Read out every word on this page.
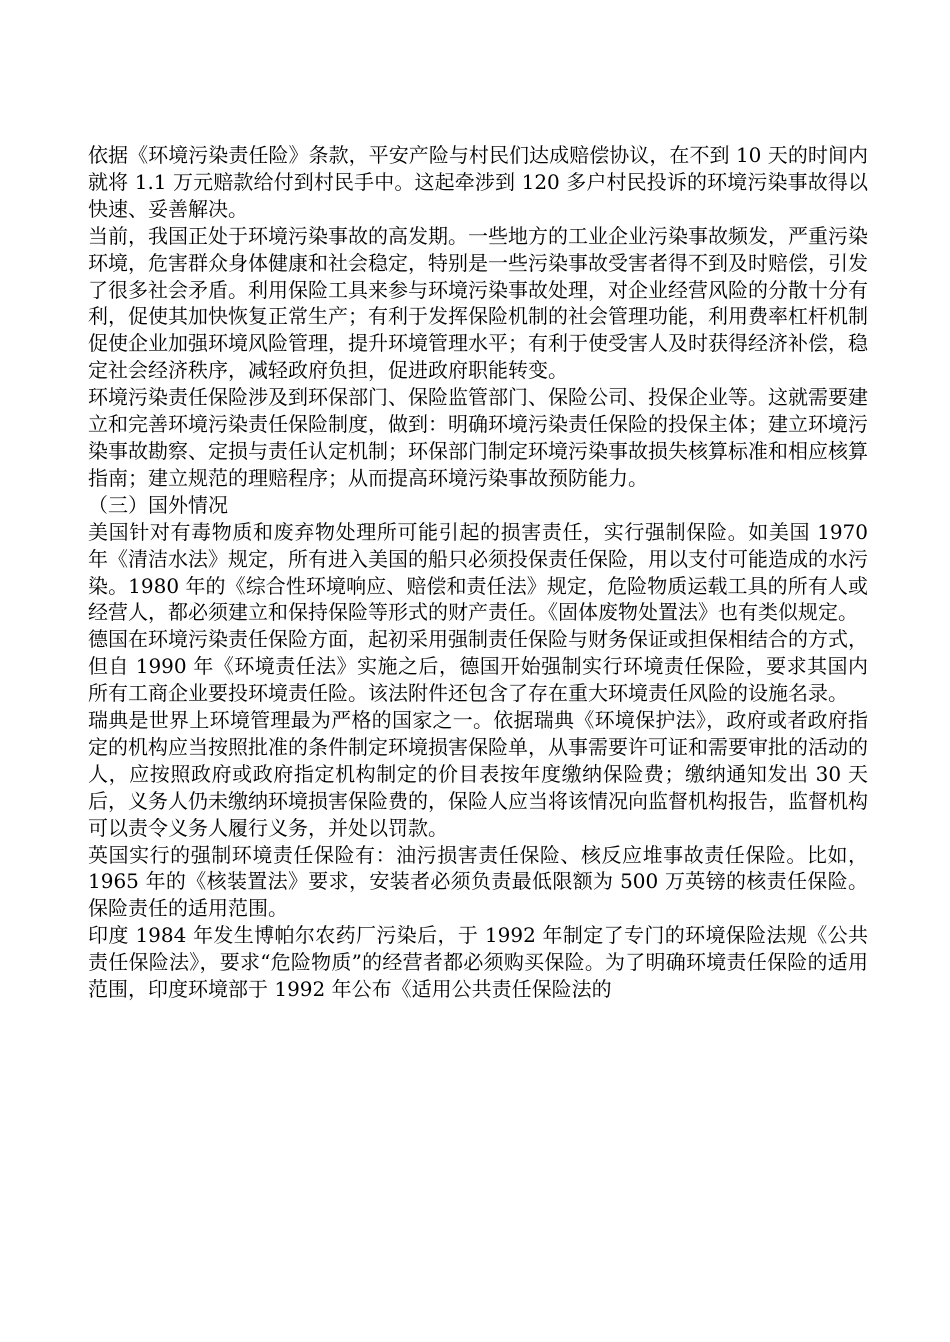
依据《环境污染责任险》条款，平安产险与村民们达成赔偿协议，在不到 10 天的时间内就将 1.1 万元赔款给付到村民手中。这起牵涉到 120 多户村民投诉的环境污染事故得以快速、妥善解决。

当前，我国正处于环境污染事故的高发期。一些地方的工业企业污染事故频发，严重污染环境，危害群众身体健康和社会稳定，特别是一些污染事故受害者得不到及时赔偿，引发了很多社会矛盾。利用保险工具来参与环境污染事故处理，对企业经营风险的分散十分有利，促使其加快恢复正常生产；有利于发挥保险机制的社会管理功能，利用费率杠杆机制促使企业加强环境风险管理，提升环境管理水平；有利于使受害人及时获得经济补偿，稳定社会经济秩序，减轻政府负担，促进政府职能转变。

环境污染责任保险涉及到环保部门、保险监管部门、保险公司、投保企业等。这就需要建立和完善环境污染责任保险制度，做到：明确环境污染责任保险的投保主体；建立环境污染事故勘察、定损与责任认定机制；环保部门制定环境污染事故损失核算标准和相应核算指南；建立规范的理赔程序；从而提高环境污染事故预防能力。

（三）国外情况

美国针对有毒物质和废弃物处理所可能引起的损害责任，实行强制保险。如美国 1970 年《清洁水法》规定，所有进入美国的船只必须投保责任保险，用以支付可能造成的水污染。1980 年的《综合性环境响应、赔偿和责任法》规定，危险物质运载工具的所有人或经营人，都必须建立和保持保险等形式的财产责任。《固体废物处置法》也有类似规定。

德国在环境污染责任保险方面，起初采用强制责任保险与财务保证或担保相结合的方式，但自 1990 年《环境责任法》实施之后，德国开始强制实行环境责任保险，要求其国内所有工商企业要投环境责任险。该法附件还包含了存在重大环境责任风险的设施名录。

瑞典是世界上环境管理最为严格的国家之一。依据瑞典《环境保护法》，政府或者政府指定的机构应当按照批准的条件制定环境损害保险单，从事需要许可证和需要审批的活动的人，应按照政府或政府指定机构制定的价目表按年度缴纳保险费；缴纳通知发出 30 天后，义务人仍未缴纳环境损害保险费的，保险人应当将该情况向监督机构报告，监督机构可以责令义务人履行义务，并处以罚款。

英国实行的强制环境责任保险有：油污损害责任保险、核反应堆事故责任保险。比如，1965 年的《核装置法》要求，安装者必须负责最低限额为 500 万英镑的核责任保险。保险责任的适用范围。

印度 1984 年发生博帕尔农药厂污染后，于 1992 年制定了专门的环境保险法规《公共责任保险法》，要求“危险物质”的经营者都必须购买保险。为了明确环境责任保险的适用范围，印度环境部于 1992 年公布《适用公共责任保险法的
